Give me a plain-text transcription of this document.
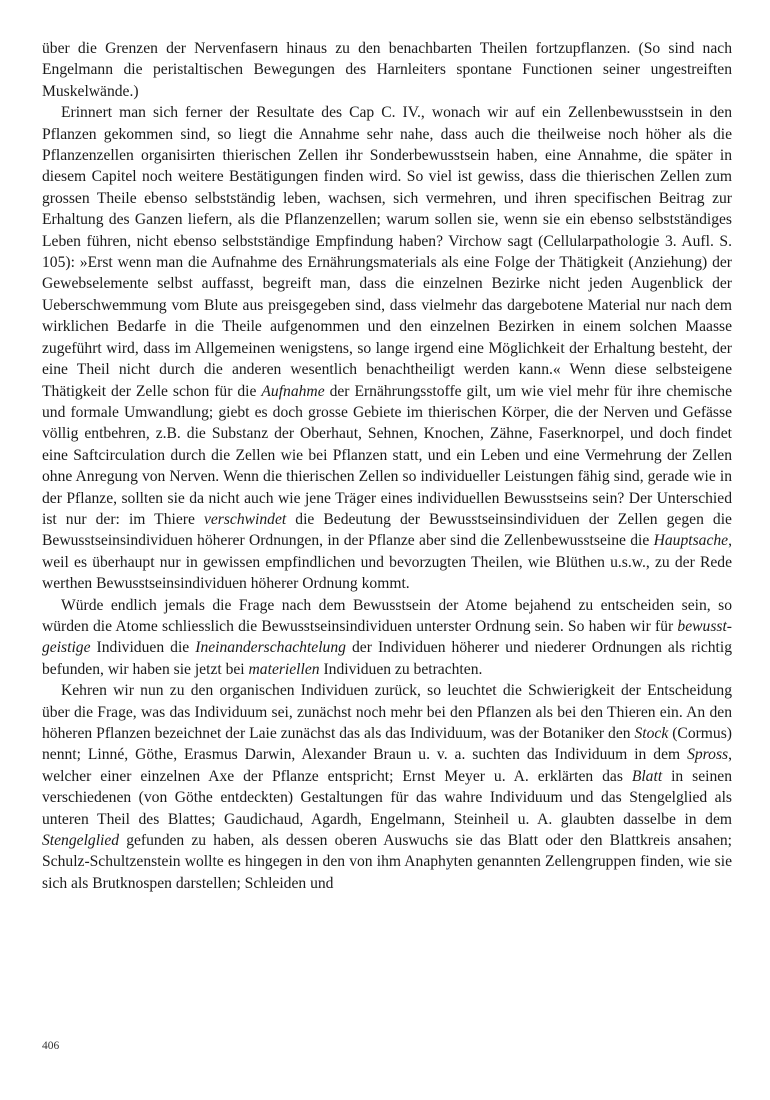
über die Grenzen der Nervenfasern hinaus zu den benachbarten Theilen fortzupflanzen. (So sind nach Engelmann die peristaltischen Bewegungen des Harnleiters spontane Functionen seiner ungestreiften Muskelwände.)

Erinnert man sich ferner der Resultate des Cap C. IV., wonach wir auf ein Zellenbewusstsein in den Pflanzen gekommen sind, so liegt die Annahme sehr nahe, dass auch die theilweise noch höher als die Pflanzenzellen organisirten thierischen Zellen ihr Sonderbewusstsein haben, eine Annahme, die später in diesem Capitel noch weitere Bestätigungen finden wird. So viel ist gewiss, dass die thierischen Zellen zum grossen Theile ebenso selbstständig leben, wachsen, sich vermehren, und ihren specifischen Beitrag zur Erhaltung des Ganzen liefern, als die Pflanzenzellen; warum sollen sie, wenn sie ein ebenso selbstständiges Leben führen, nicht ebenso selbstständige Empfindung haben? Virchow sagt (Cellularpathologie 3. Aufl. S. 105): »Erst wenn man die Aufnahme des Ernährungsmaterials als eine Folge der Thätigkeit (Anziehung) der Gewebselemente selbst auffasst, begreift man, dass die einzelnen Bezirke nicht jeden Augenblick der Ueberschwemmung vom Blute aus preisgegeben sind, dass vielmehr das dargebotene Material nur nach dem wirklichen Bedarfe in die Theile aufgenommen und den einzelnen Bezirken in einem solchen Maasse zugeführt wird, dass im Allgemeinen wenigstens, so lange irgend eine Möglichkeit der Erhaltung besteht, der eine Theil nicht durch die anderen wesentlich benachtheiligt werden kann.« Wenn diese selbsteigene Thätigkeit der Zelle schon für die Aufnahme der Ernährungsstoffe gilt, um wie viel mehr für ihre chemische und formale Umwandlung; giebt es doch grosse Gebiete im thierischen Körper, die der Nerven und Gefässe völlig entbehren, z.B. die Substanz der Oberhaut, Sehnen, Knochen, Zähne, Faserknorpel, und doch findet eine Saftcirculation durch die Zellen wie bei Pflanzen statt, und ein Leben und eine Vermehrung der Zellen ohne Anregung von Nerven. Wenn die thierischen Zellen so individueller Leistungen fähig sind, gerade wie in der Pflanze, sollten sie da nicht auch wie jene Träger eines individuellen Bewusstseins sein? Der Unterschied ist nur der: im Thiere verschwindet die Bedeutung der Bewusstseinsindividuen der Zellen gegen die Bewusstseinsindividuen höherer Ordnungen, in der Pflanze aber sind die Zellenbewusstseine die Hauptsache, weil es überhaupt nur in gewissen empfindlichen und bevorzugten Theilen, wie Blüthen u.s.w., zu der Rede werthen Bewusstseinsindividuen höherer Ordnung kommt.

Würde endlich jemals die Frage nach dem Bewusstsein der Atome bejahend zu entscheiden sein, so würden die Atome schliesslich die Bewusstseinsindividuen unterster Ordnung sein. So haben wir für bewusst-geistige Individuen die Ineinanderschachtelung der Individuen höherer und niederer Ordnungen als richtig befunden, wir haben sie jetzt bei materiellen Individuen zu betrachten.

Kehren wir nun zu den organischen Individuen zurück, so leuchtet die Schwierigkeit der Entscheidung über die Frage, was das Individuum sei, zunächst noch mehr bei den Pflanzen als bei den Thieren ein. An den höheren Pflanzen bezeichnet der Laie zunächst das als das Individuum, was der Botaniker den Stock (Cormus) nennt; Linné, Göthe, Erasmus Darwin, Alexander Braun u. v. a. suchten das Individuum in dem Spross, welcher einer einzelnen Axe der Pflanze entspricht; Ernst Meyer u. A. erklärten das Blatt in seinen verschiedenen (von Göthe entdeckten) Gestaltungen für das wahre Individuum und das Stengelglied als unteren Theil des Blattes; Gaudichaud, Agardh, Engelmann, Steinheil u. A. glaubten dasselbe in dem Stengelglied gefunden zu haben, als dessen oberen Auswuchs sie das Blatt oder den Blattkreis ansahen; Schulz-Schultzenstein wollte es hingegen in den von ihm Anaphyten genannten Zellengruppen finden, wie sie sich als Brutknospen darstellen; Schleiden und

406
